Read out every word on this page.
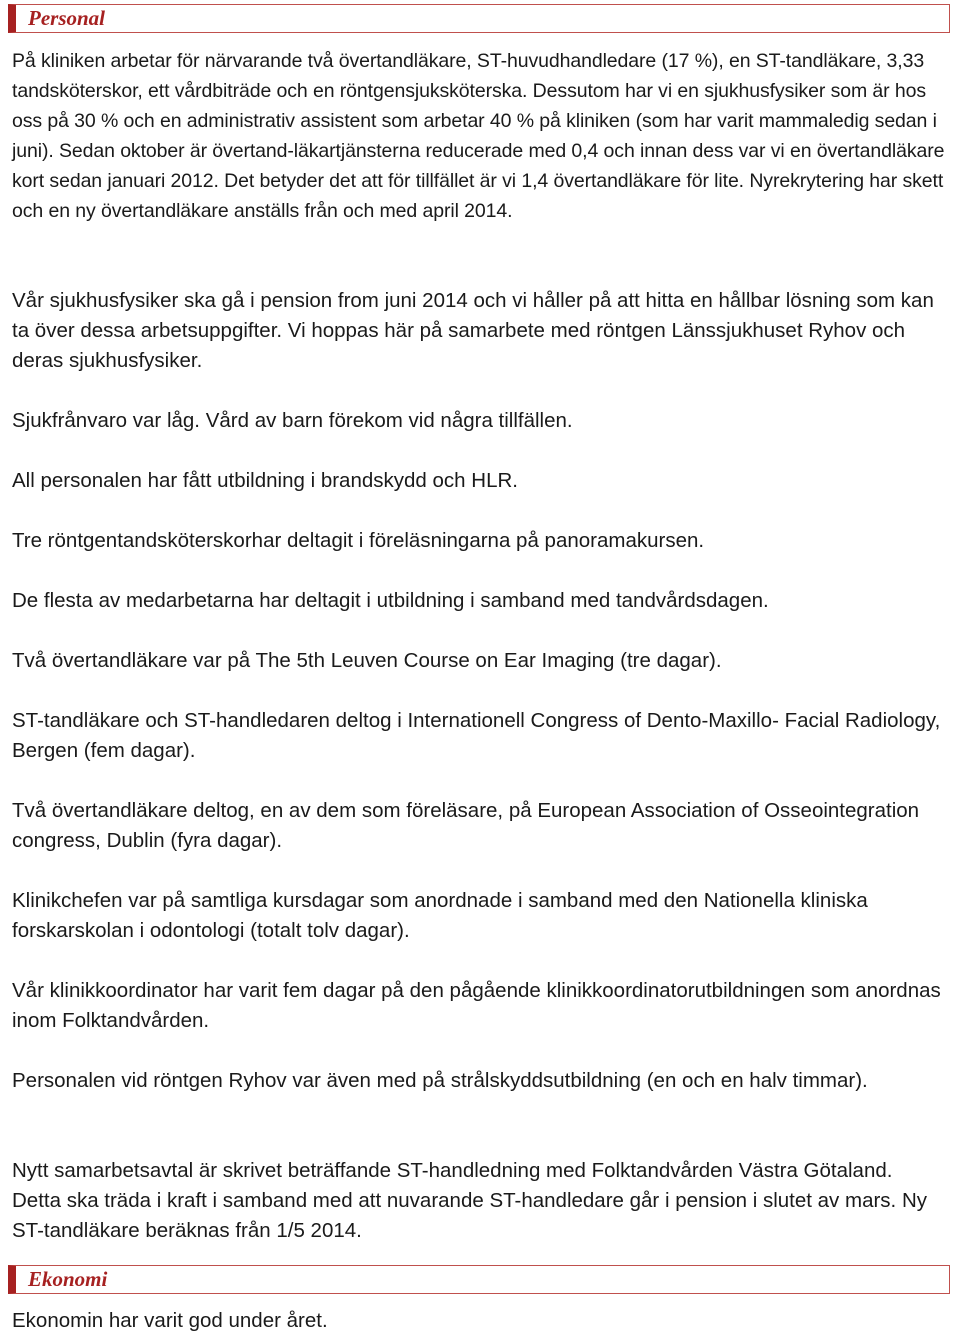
Personal

På kliniken arbetar för närvarande två övertandläkare, ST-huvudhandledare (17 %), en ST-tandläkare, 3,33 tandsköterskor, ett vårdbiträde och en röntgensjuksköterska. Dessutom har vi en sjukhusfysiker som är hos oss på 30 % och en administrativ assistent som arbetar 40 % på kliniken (som har varit mammaledig sedan i juni). Sedan oktober är övertand-läkartjänsterna reducerade med 0,4 och innan dess var vi en övertandläkare kort sedan januari 2012. Det betyder det att för tillfället är vi 1,4 övertandläkare för lite. Nyrekrytering har skett och en ny övertandläkare anställs från och med april 2014.

Vår sjukhusfysiker ska gå i pension from juni 2014 och vi håller på att hitta en hållbar lösning som kan ta över dessa arbetsuppgifter. Vi hoppas här på samarbete med röntgen Länssjukhuset Ryhov och deras sjukhusfysiker.

Sjukfrånvaro var låg. Vård av barn förekom vid några tillfällen.

All personalen har fått utbildning i brandskydd och HLR.

Tre röntgentandsköterskorhar deltagit i föreläsningarna på panoramakursen.

De flesta av medarbetarna har deltagit i utbildning i samband med tandvårdsdagen.

Två övertandläkare var på The 5th Leuven Course on Ear Imaging (tre dagar).

ST-tandläkare och ST-handledaren deltog i Internationell Congress of Dento-Maxillo- Facial Radiology, Bergen (fem dagar).

Två övertandläkare deltog, en av dem som föreläsare, på European Association of Osseointegration congress, Dublin (fyra dagar).

Klinikchefen var på samtliga kursdagar som anordnade i samband med den Nationella kliniska forskarskolan i odontologi (totalt tolv dagar).

Vår klinikkoordinator har varit fem dagar på den pågående klinikkoordinatorutbildningen som anordnas inom Folktandvården.

Personalen vid röntgen Ryhov var även med på strålskyddsutbildning (en och en halv timmar).

Nytt samarbetsavtal är skrivet beträffande ST-handledning med Folktandvården Västra Götaland. Detta ska träda i kraft i samband med att nuvarande ST-handledare går i pension i slutet av mars. Ny ST-tandläkare beräknas från 1/5 2014.

Ekonomi

Ekonomin har varit god under året.
